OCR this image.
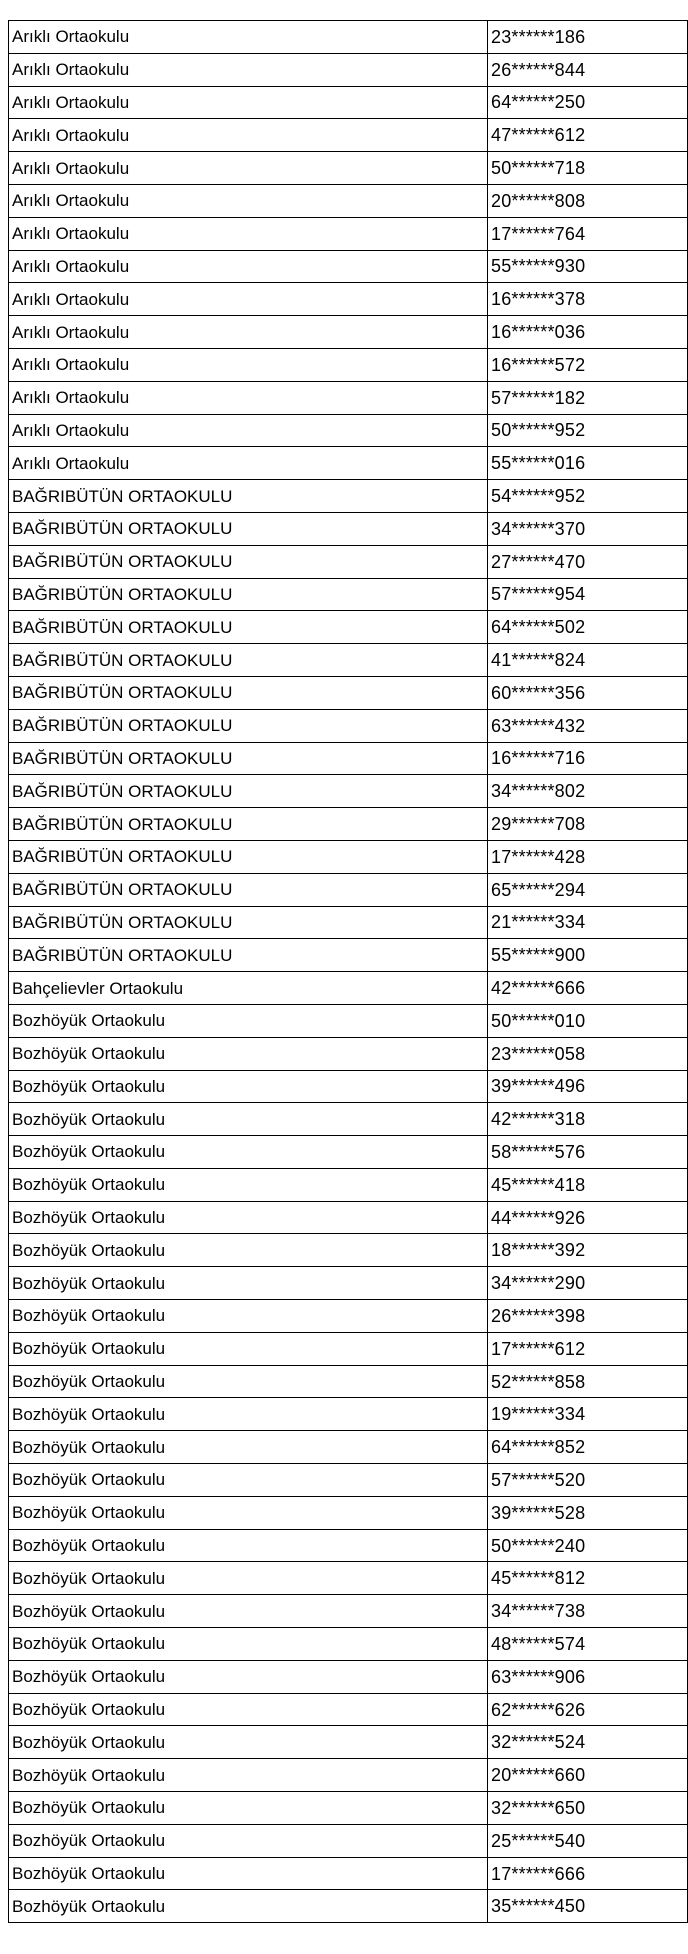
Arıklı Ortaokulu	23******186
Arıklı Ortaokulu	26******844
Arıklı Ortaokulu	64******250
Arıklı Ortaokulu	47******612
Arıklı Ortaokulu	50******718
Arıklı Ortaokulu	20******808
Arıklı Ortaokulu	17******764
Arıklı Ortaokulu	55******930
Arıklı Ortaokulu	16******378
Arıklı Ortaokulu	16******036
Arıklı Ortaokulu	16******572
Arıklı Ortaokulu	57******182
Arıklı Ortaokulu	50******952
Arıklı Ortaokulu	55******016
BAĞRIBÜTÜN ORTAOKULU	54******952
BAĞRIBÜTÜN ORTAOKULU	34******370
BAĞRIBÜTÜN ORTAOKULU	27******470
BAĞRIBÜTÜN ORTAOKULU	57******954
BAĞRIBÜTÜN ORTAOKULU	64******502
BAĞRIBÜTÜN ORTAOKULU	41******824
BAĞRIBÜTÜN ORTAOKULU	60******356
BAĞRIBÜTÜN ORTAOKULU	63******432
BAĞRIBÜTÜN ORTAOKULU	16******716
BAĞRIBÜTÜN ORTAOKULU	34******802
BAĞRIBÜTÜN ORTAOKULU	29******708
BAĞRIBÜTÜN ORTAOKULU	17******428
BAĞRIBÜTÜN ORTAOKULU	65******294
BAĞRIBÜTÜN ORTAOKULU	21******334
BAĞRIBÜTÜN ORTAOKULU	55******900
Bahçelievler Ortaokulu	42******666
Bozhöyük Ortaokulu	50******010
Bozhöyük Ortaokulu	23******058
Bozhöyük Ortaokulu	39******496
Bozhöyük Ortaokulu	42******318
Bozhöyük Ortaokulu	58******576
Bozhöyük Ortaokulu	45******418
Bozhöyük Ortaokulu	44******926
Bozhöyük Ortaokulu	18******392
Bozhöyük Ortaokulu	34******290
Bozhöyük Ortaokulu	26******398
Bozhöyük Ortaokulu	17******612
Bozhöyük Ortaokulu	52******858
Bozhöyük Ortaokulu	19******334
Bozhöyük Ortaokulu	64******852
Bozhöyük Ortaokulu	57******520
Bozhöyük Ortaokulu	39******528
Bozhöyük Ortaokulu	50******240
Bozhöyük Ortaokulu	45******812
Bozhöyük Ortaokulu	34******738
Bozhöyük Ortaokulu	48******574
Bozhöyük Ortaokulu	63******906
Bozhöyük Ortaokulu	62******626
Bozhöyük Ortaokulu	32******524
Bozhöyük Ortaokulu	20******660
Bozhöyük Ortaokulu	32******650
Bozhöyük Ortaokulu	25******540
Bozhöyük Ortaokulu	17******666
Bozhöyük Ortaokulu	35******450
